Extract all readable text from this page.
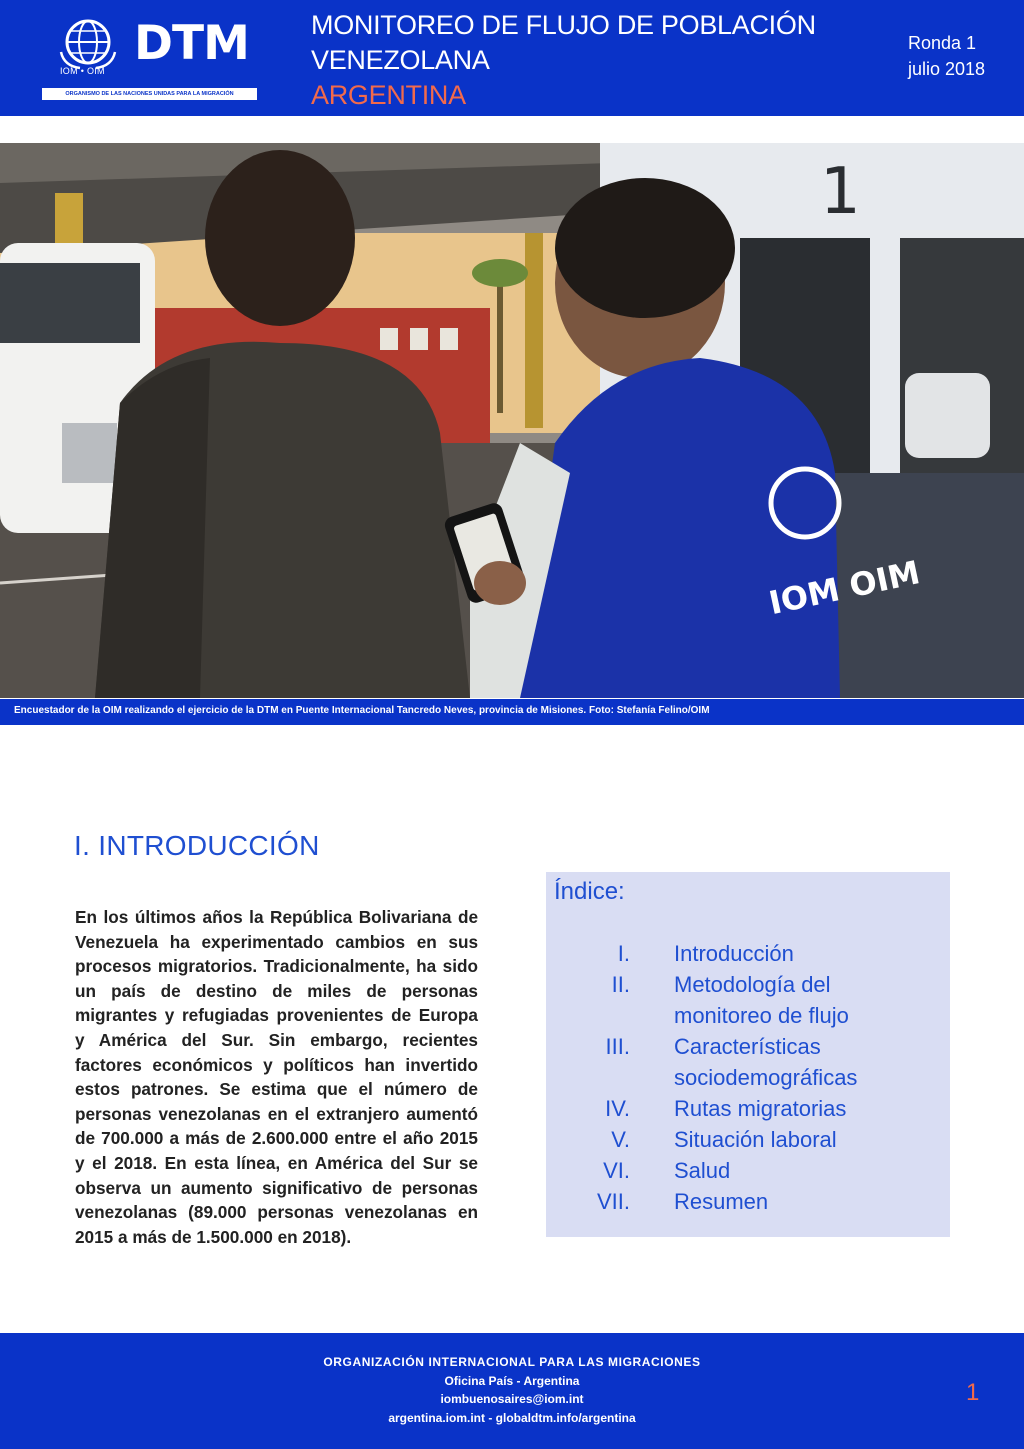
DTM
IOM • OIM
ORGANISMO DE LAS NACIONES UNIDAS PARA LA MIGRACIÓN
MONITOREO DE FLUJO DE POBLACIÓN
VENEZOLANA
ARGENTINA
Ronda 1
julio 2018
1
IOM OIM
Encuestador de la OIM realizando el ejercicio de la DTM en Puente Internacional Tancredo Neves, provincia de Misiones. Foto: Stefanía Felino/OIM
I. INTRODUCCIÓN
En los últimos años la República Bolivariana de Venezuela ha experimentado cambios en sus procesos migratorios. Tradicionalmente, ha sido un país de destino de miles de personas migrantes y refugiadas provenientes de Europa y América del Sur. Sin embargo, recientes factores económicos y políticos han invertido estos patrones. Se estima que el número de personas venezolanas en el extranjero aumentó de 700.000 a más de 2.600.000 entre el año 2015 y el 2018. En esta línea, en América del Sur se observa un aumento significativo de personas venezolanas (89.000 personas venezolanas en 2015 a más de 1.500.000 en 2018).
Índice:
I. Introducción
II. Metodología del monitoreo de flujo
III. Características sociodemográficas
IV. Rutas migratorias
V. Situación laboral
VI. Salud
VII. Resumen
ORGANIZACIÓN INTERNACIONAL PARA LAS MIGRACIONES
Oficina País - Argentina
iombuenosaires@iom.int
argentina.iom.int - globaldtm.info/argentina
1
